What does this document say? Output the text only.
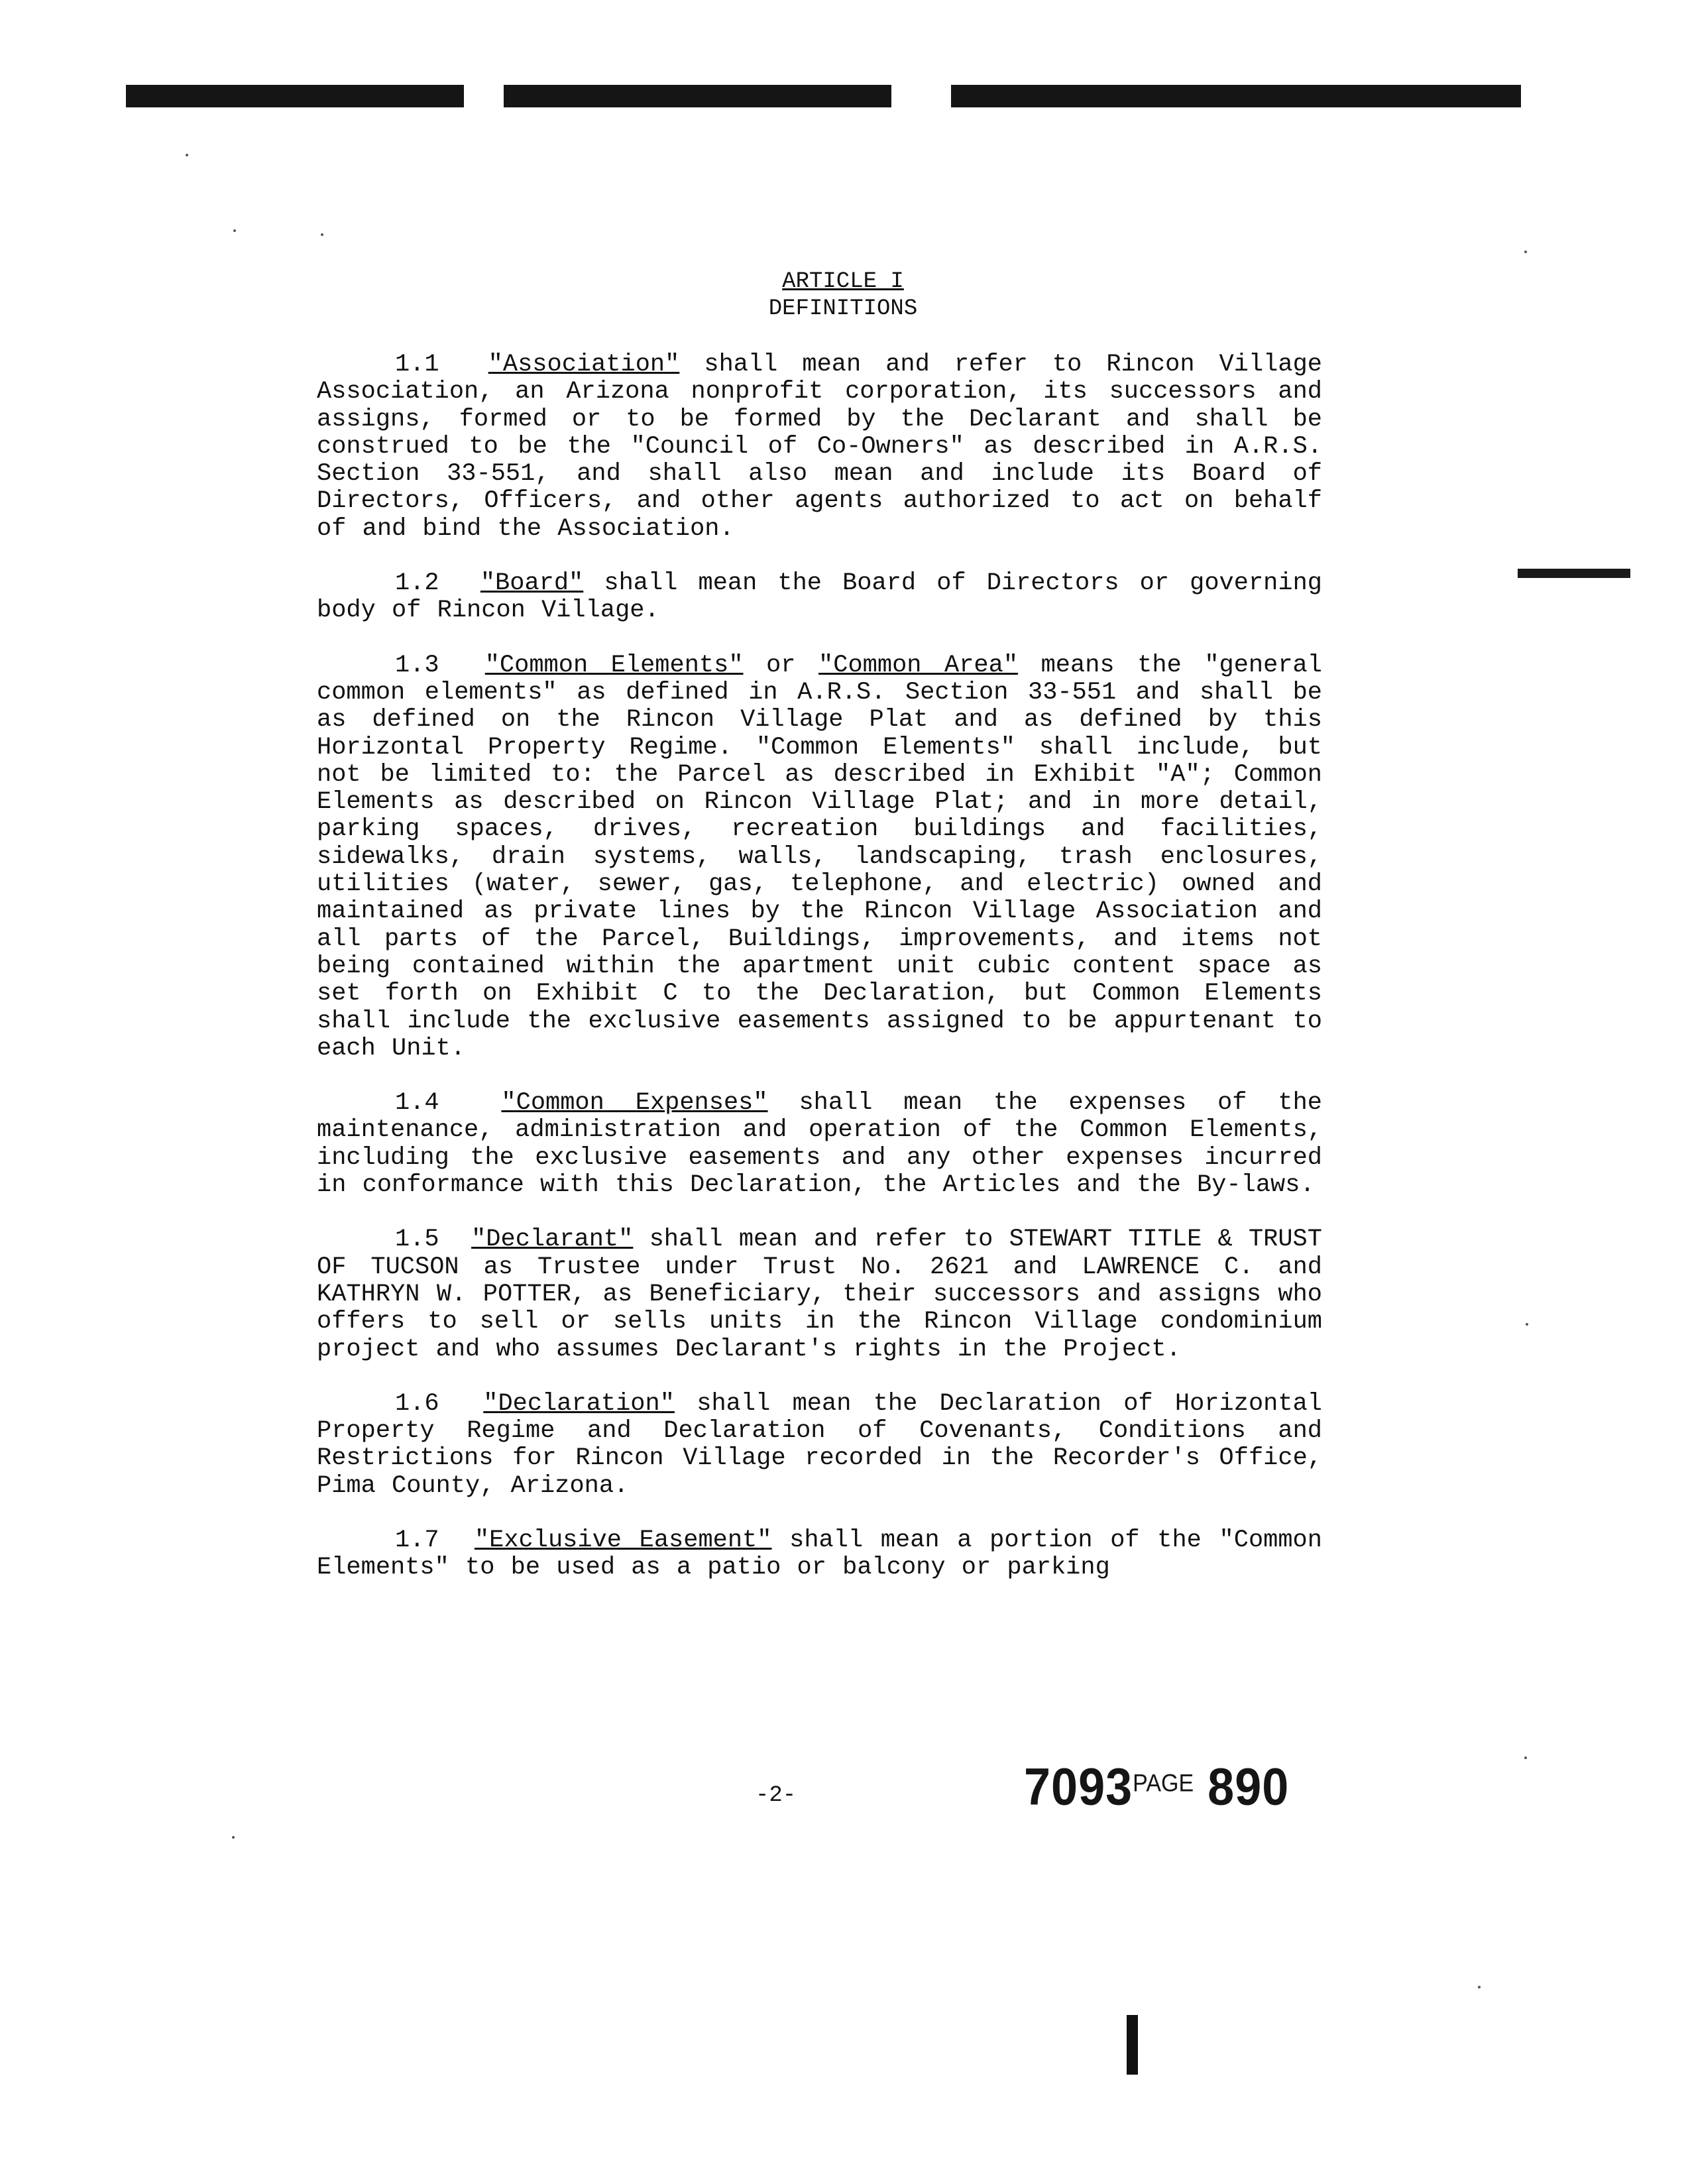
ARTICLE I
DEFINITIONS

1.1 "Association" shall mean and refer to Rincon Village Association, an Arizona nonprofit corporation, its successors and assigns, formed or to be formed by the Declarant and shall be construed to be the "Council of Co-Owners" as described in A.R.S. Section 33-551, and shall also mean and include its Board of Directors, Officers, and other agents authorized to act on behalf of and bind the Association.

1.2 "Board" shall mean the Board of Directors or governing body of Rincon Village.

1.3 "Common Elements" or "Common Area" means the "general common elements" as defined in A.R.S. Section 33-551 and shall be as defined on the Rincon Village Plat and as defined by this Horizontal Property Regime. "Common Elements" shall include, but not be limited to: the Parcel as described in Exhibit "A"; Common Elements as described on Rincon Village Plat; and in more detail, parking spaces, drives, recreation buildings and facilities, sidewalks, drain systems, walls, landscaping, trash enclosures, utilities (water, sewer, gas, telephone, and electric) owned and maintained as private lines by the Rincon Village Association and all parts of the Parcel, Buildings, improvements, and items not being contained within the apartment unit cubic content space as set forth on Exhibit C to the Declaration, but Common Elements shall include the exclusive easements assigned to be appurtenant to each Unit.

1.4	"Common Expenses" shall mean the expenses of the maintenance, administration and operation of the Common Elements, including the exclusive easements and any other expenses incurred in conformance with this Declaration, the Articles and the By-laws.

1.5 "Declarant" shall mean and refer to STEWART TITLE & TRUST OF TUCSON as Trustee under Trust No. 2621 and LAWRENCE C. and KATHRYN W. POTTER, as Beneficiary, their successors and assigns who offers to sell or sells units in the Rincon Village condominium project and who assumes Declarant's rights in the Project.

1.6 "Declaration" shall mean the Declaration of Horizontal Property Regime and Declaration of Covenants, Conditions and Restrictions for Rincon Village recorded in the Recorder's Office, Pima County, Arizona.

1.7 "Exclusive Easement" shall mean a portion of the "Common Elements" to be used as a patio or balcony or parking

-2-	$7093^{PAGE}$ 890
